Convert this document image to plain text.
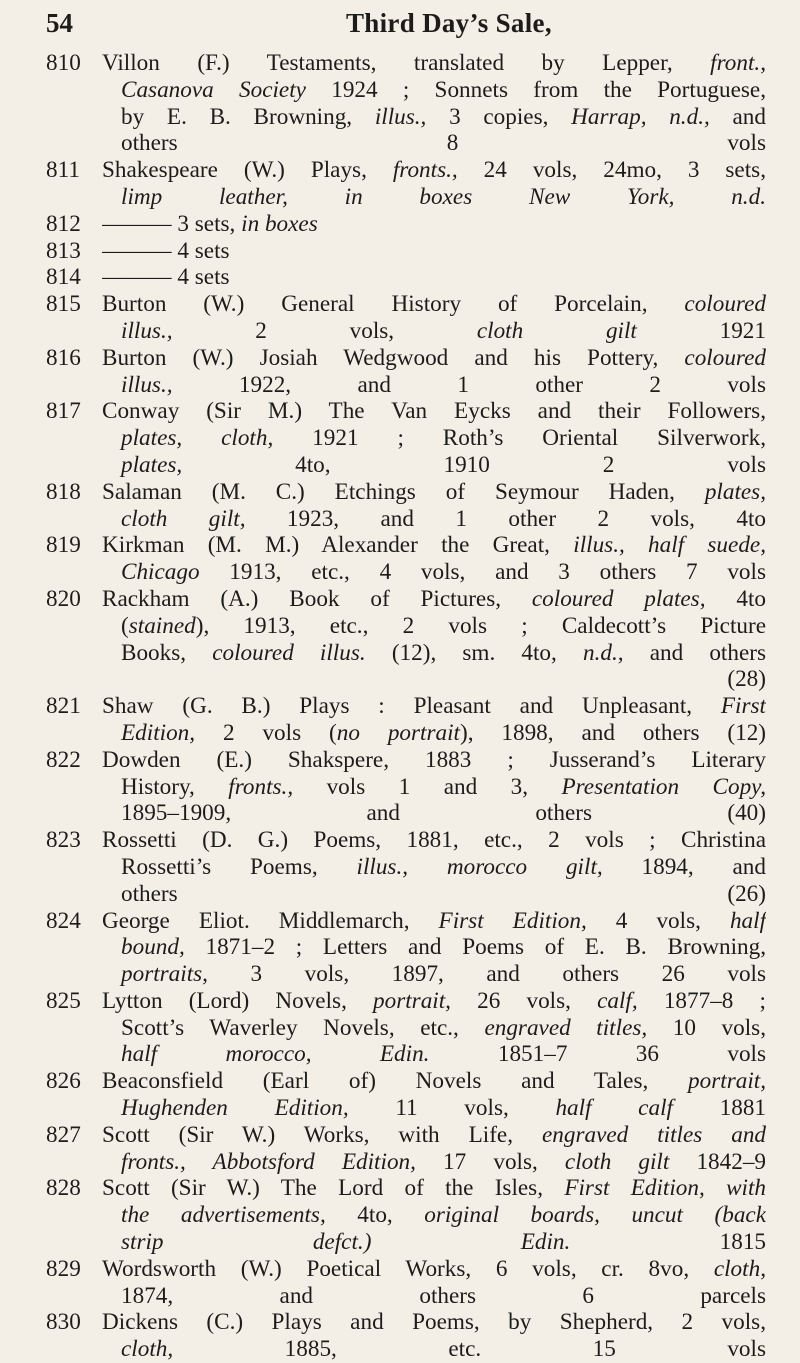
54	Third Day’s Sale,
810 Villon (F.) Testaments, translated by Lepper, front.,
Casanova Society 1924 ; Sonnets from the Portuguese,
by E. B. Browning, illus., 3 copies, Harrap, n.d., and
others 8 vols
811 Shakespeare (W.) Plays, fronts., 24 vols, 24mo, 3 sets,
limp leather, in boxes New York, n.d.
812 ——— 3 sets, in boxes
813 ——— 4 sets
814 ——— 4 sets
815 Burton (W.) General History of Porcelain, coloured
illus., 2 vols, cloth gilt 1921
816 Burton (W.) Josiah Wedgwood and his Pottery, coloured
illus., 1922, and 1 other 2 vols
817 Conway (Sir M.) The Van Eycks and their Followers,
plates, cloth, 1921 ; Roth’s Oriental Silverwork,
plates, 4to, 1910 2 vols
818 Salaman (M. C.) Etchings of Seymour Haden, plates,
cloth gilt, 1923, and 1 other 2 vols, 4to
819 Kirkman (M. M.) Alexander the Great, illus., half suede,
Chicago 1913, etc., 4 vols, and 3 others 7 vols
820 Rackham (A.) Book of Pictures, coloured plates, 4to
(stained), 1913, etc., 2 vols ; Caldecott’s Picture
Books, coloured illus. (12), sm. 4to, n.d., and others
(28)
821 Shaw (G. B.) Plays : Pleasant and Unpleasant, First
Edition, 2 vols (no portrait), 1898, and others (12)
822 Dowden (E.) Shakspere, 1883 ; Jusserand’s Literary
History, fronts., vols 1 and 3, Presentation Copy,
1895–1909, and others (40)
823 Rossetti (D. G.) Poems, 1881, etc., 2 vols ; Christina
Rossetti’s Poems, illus., morocco gilt, 1894, and
others (26)
824 George Eliot. Middlemarch, First Edition, 4 vols, half
bound, 1871–2 ; Letters and Poems of E. B. Browning,
portraits, 3 vols, 1897, and others 26 vols
825 Lytton (Lord) Novels, portrait, 26 vols, calf, 1877–8 ;
Scott’s Waverley Novels, etc., engraved titles, 10 vols,
half morocco, Edin. 1851–7 36 vols
826 Beaconsfield (Earl of) Novels and Tales, portrait,
Hughenden Edition, 11 vols, half calf 1881
827 Scott (Sir W.) Works, with Life, engraved titles and
fronts., Abbotsford Edition, 17 vols, cloth gilt 1842–9
828 Scott (Sir W.) The Lord of the Isles, First Edition, with
the advertisements, 4to, original boards, uncut (back
strip defct.)	Edin. 1815
829 Wordsworth (W.) Poetical Works, 6 vols, cr. 8vo, cloth,
1874, and others 6 parcels
830 Dickens (C.) Plays and Poems, by Shepherd, 2 vols,
cloth, 1885, etc. 15 vols
